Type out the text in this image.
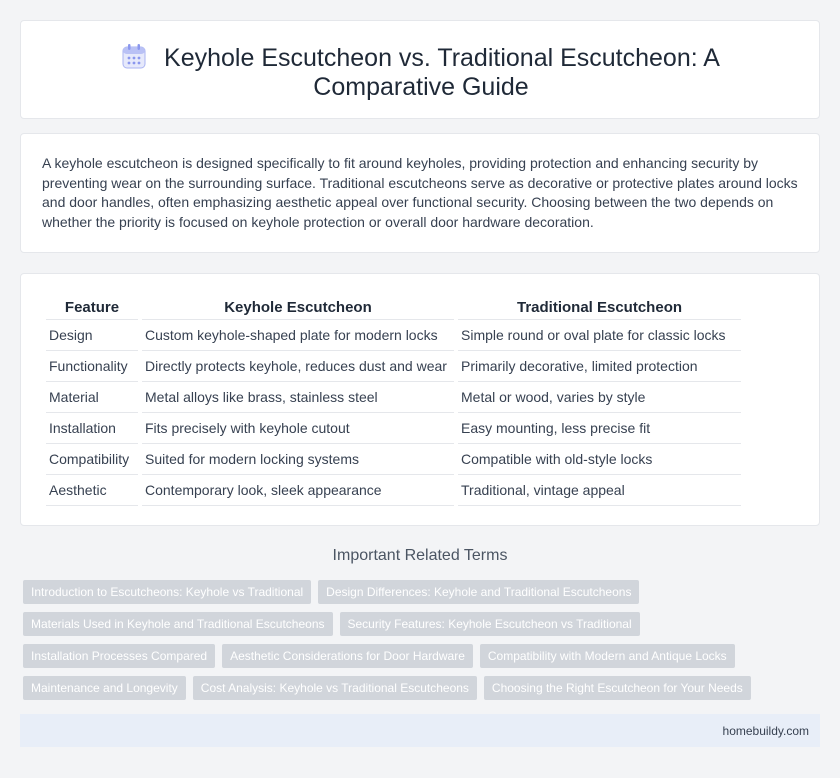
Keyhole Escutcheon vs. Traditional Escutcheon: A Comparative Guide

A keyhole escutcheon is designed specifically to fit around keyholes, providing protection and enhancing security by preventing wear on the surrounding surface. Traditional escutcheons serve as decorative or protective plates around locks and door handles, often emphasizing aesthetic appeal over functional security. Choosing between the two depends on whether the priority is focused on keyhole protection or overall door hardware decoration.

Feature	Keyhole Escutcheon	Traditional Escutcheon
Design	Custom keyhole-shaped plate for modern locks	Simple round or oval plate for classic locks
Functionality	Directly protects keyhole, reduces dust and wear	Primarily decorative, limited protection
Material	Metal alloys like brass, stainless steel	Metal or wood, varies by style
Installation	Fits precisely with keyhole cutout	Easy mounting, less precise fit
Compatibility	Suited for modern locking systems	Compatible with old-style locks
Aesthetic	Contemporary look, sleek appearance	Traditional, vintage appeal
Important Related Terms
Introduction to Escutcheons: Keyhole vs Traditional	Design Differences: Keyhole and Traditional Escutcheons
Materials Used in Keyhole and Traditional Escutcheons	Security Features: Keyhole Escutcheon vs Traditional
Installation Processes Compared	Aesthetic Considerations for Door Hardware	Compatibility with Modern and Antique Locks
Maintenance and Longevity	Cost Analysis: Keyhole vs Traditional Escutcheons	Choosing the Right Escutcheon for Your Needs
homebuildy.com
